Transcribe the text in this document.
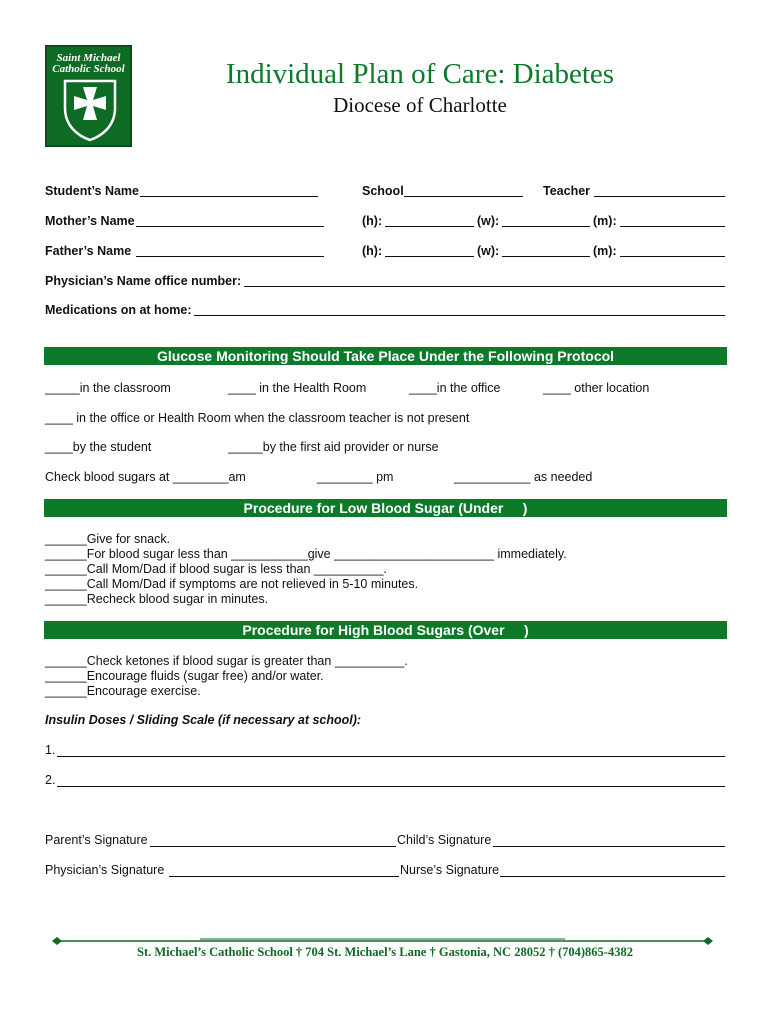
Saint Michael
Catholic School	Individual Plan of Care: Diabetes
Diocese of Charlotte
Student’s Name	School	Teacher
Mother’s Name	(h):	(w):	(m):
Father’s Name	(h):	(w):	(m):
Physician’s Name office number:
Medications on at home:
Glucose Monitoring Should Take Place Under the Following Protocol
_____in the classroom	____ in the Health Room	____in the office	____ other location
____ in the office or Health Room when the classroom teacher is not present
____by the student	_____by the first aid provider or nurse
Check blood sugars at ________am	________ pm	___________ as needed
Procedure for Low Blood Sugar (Under     )
______Give for snack.
______For blood sugar less than ___________give _______________________ immediately.
______Call Mom/Dad if blood sugar is less than __________.
______Call Mom/Dad if symptoms are not relieved in 5-10 minutes.
______Recheck blood sugar in minutes.
Procedure for High Blood Sugars (Over     )
______Check ketones if blood sugar is greater than __________.
______Encourage fluids (sugar free) and/or water.
______Encourage exercise.
Insulin Doses / Sliding Scale (if necessary at school):
1.
2.
Parent’s Signature	Child’s Signature
Physician’s Signature	Nurse’s Signature
St. Michael’s Catholic School † 704 St. Michael’s Lane † Gastonia, NC 28052 † (704)865-4382
